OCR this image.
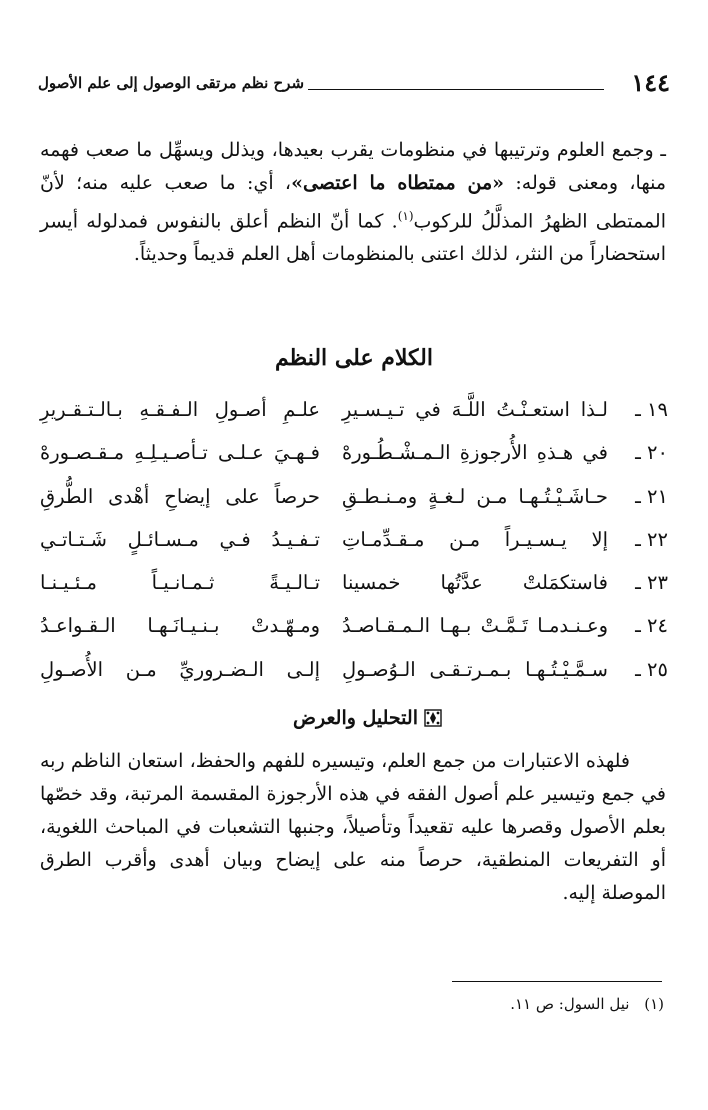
١٤٤
شرح نظم مرتقى الوصول إلى علم الأصول

ـ وجمع العلوم وترتيبها في منظومات يقرب بعيدها، ويذلل ويسهِّل ما صعب فهمه منها، ومعنى قوله: «من ممتطاه ما اعتصى»، أي: ما صعب عليه منه؛ لأنّ الممتطى الظهرُ المذلَّلُ للركوب$^{(١)}$. كما أنّ النظم أعلق بالنفوس فمدلوله أيسر استحضاراً من النثر، لذلك اعتنى بالمنظومات أهل العلم قديماً وحديثاً.

الكلام على النظم
١٩ ـ
لـذا استعـنْـتُ اللَّـهَ في تـيـسـيرِ
علـمِ أصـولِ الـفـقـهِ بـالـتـقـريرِ
٢٠ ـ
في هـذهِ الأُرجوزةِ الـمـشْـطُـورهْ
فـهـيَ عـلـى تـأصـيـلِـهِ مـقـصـورهْ
٢١ ـ
حـاشَـيْـتُـهـا مـن لـغـةٍ ومـنـطـقِ
حرصاً على إيضاحِ أهْدى الطُّرقِ
٢٢ ـ
إلا يـسـيـراً مـن مـقـدِّمـاتِ
تـفـيـدُ فـي مـسـائـلٍ شَـتـاتـي
٢٣ ـ
فاستكمَلتْ عدَّتُها خمسينا
تـالـيـةً ثـمـانـيـاً مـئـيـنـا
٢٤ ـ
وعـنـدمـا تَـمَّـتْ بـهـا الـمـقـاصـدُ
ومـهّـدتْ بـنـيـانَـهـا الـقـواعـدُ
٢٥ ـ
سـمَّـيْـتُـهـا بـمـرتـقـى الـوُصـولِ
إلـى الـضـروريِّ مـن الأُصـولِ
التحليل والعرض

فلهذه الاعتبارات من جمع العلم، وتيسيره للفهم والحفظ، استعان الناظم ربه في جمع وتيسير علم أصول الفقه في هذه الأرجوزة المقسمة المرتبة، وقد خصّها بعلم الأصول وقصرها عليه تقعيداً وتأصيلاً، وجنبها التشعبات في المباحث اللغوية، أو التفريعات المنطقية، حرصاً منه على إيضاح وبيان أهدى وأقرب الطرق الموصلة إليه.

(١) نيل السول: ص ١١.
